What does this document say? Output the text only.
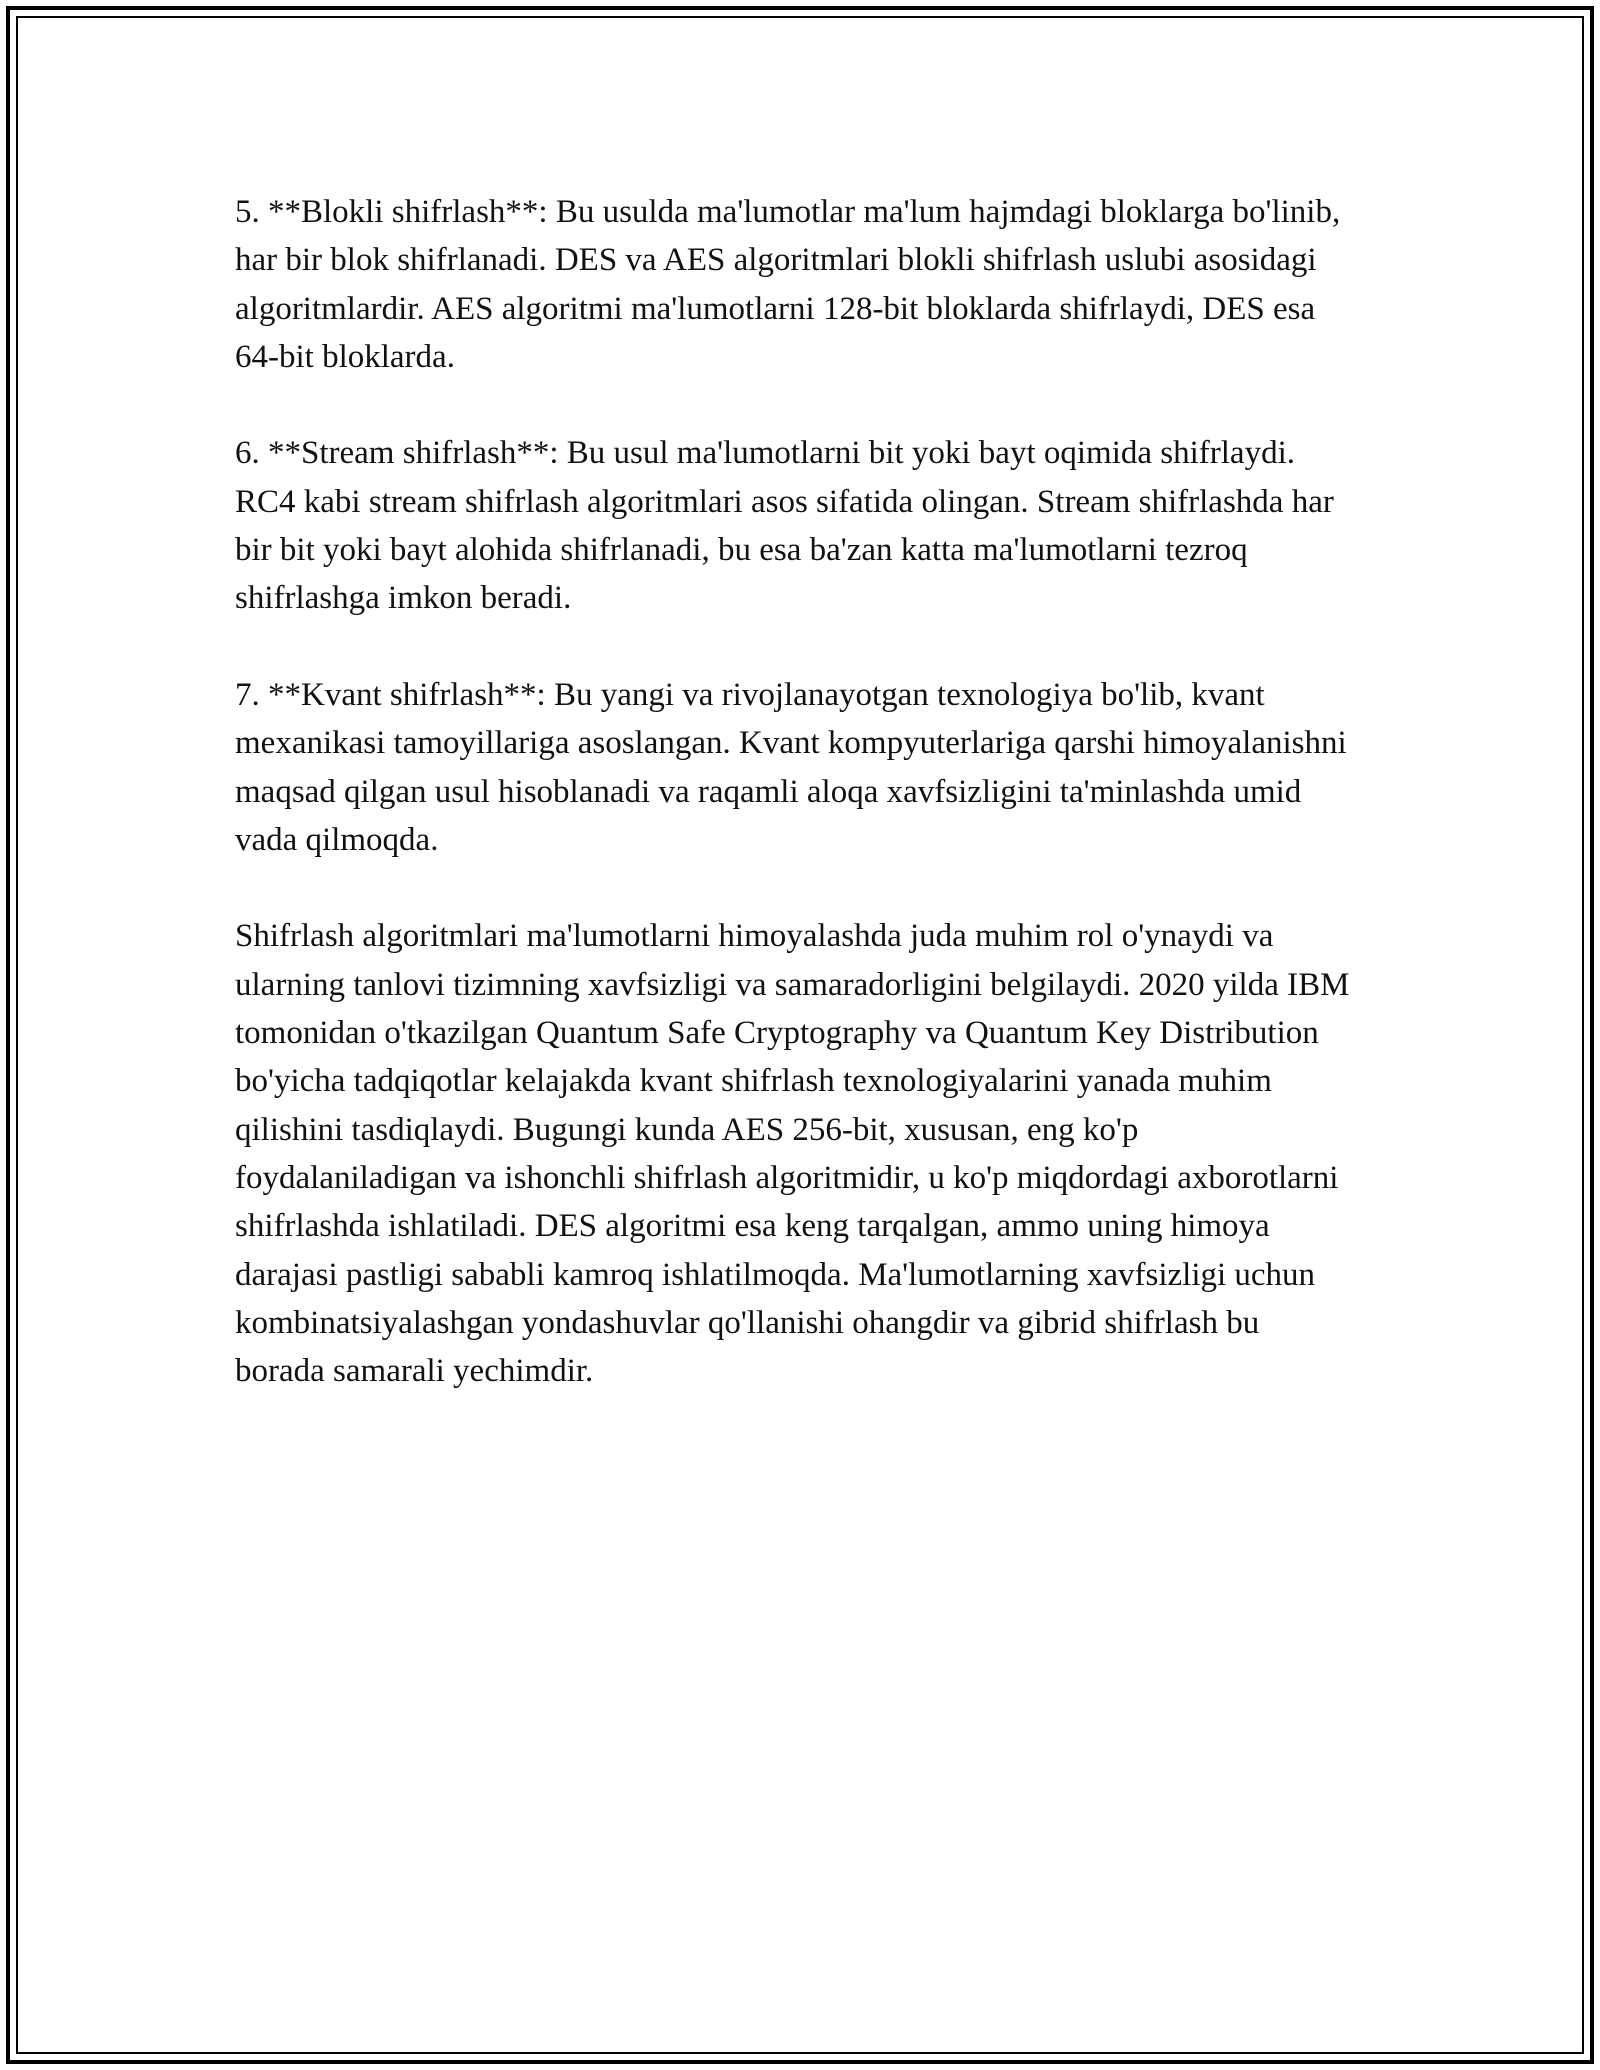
5. **Blokli shifrlash**: Bu usulda ma'lumotlar ma'lum hajmdagi bloklarga bo'linib, har bir blok shifrlanadi. DES va AES algoritmlari blokli shifrlash uslubi asosidagi algoritmlardir. AES algoritmi ma'lumotlarni 128-bit bloklarda shifrlaydi, DES esa 64-bit bloklarda.

6. **Stream shifrlash**: Bu usul ma'lumotlarni bit yoki bayt oqimida shifrlaydi. RC4 kabi stream shifrlash algoritmlari asos sifatida olingan. Stream shifrlashda har bir bit yoki bayt alohida shifrlanadi, bu esa ba'zan katta ma'lumotlarni tezroq shifrlashga imkon beradi.

7. **Kvant shifrlash**: Bu yangi va rivojlanayotgan texnologiya bo'lib, kvant mexanikasi tamoyillariga asoslangan. Kvant kompyuterlariga qarshi himoyalanishni maqsad qilgan usul hisoblanadi va raqamli aloqa xavfsizligini ta'minlashda umid vada qilmoqda.

Shifrlash algoritmlari ma'lumotlarni himoyalashda juda muhim rol o'ynaydi va ularning tanlovi tizimning xavfsizligi va samaradorligini belgilaydi. 2020 yilda IBM tomonidan o'tkazilgan Quantum Safe Cryptography va Quantum Key Distribution bo'yicha tadqiqotlar kelajakda kvant shifrlash texnologiyalarini yanada muhim qilishini tasdiqlaydi. Bugungi kunda AES 256-bit, xususan, eng ko'p foydalaniladigan va ishonchli shifrlash algoritmidir, u ko'p miqdordagi axborotlarni shifrlashda ishlatiladi. DES algoritmi esa keng tarqalgan, ammo uning himoya darajasi pastligi sababli kamroq ishlatilmoqda. Ma'lumotlarning xavfsizligi uchun kombinatsiyalashgan yondashuvlar qo'llanishi ohangdir va gibrid shifrlash bu borada samarali yechimdir.
